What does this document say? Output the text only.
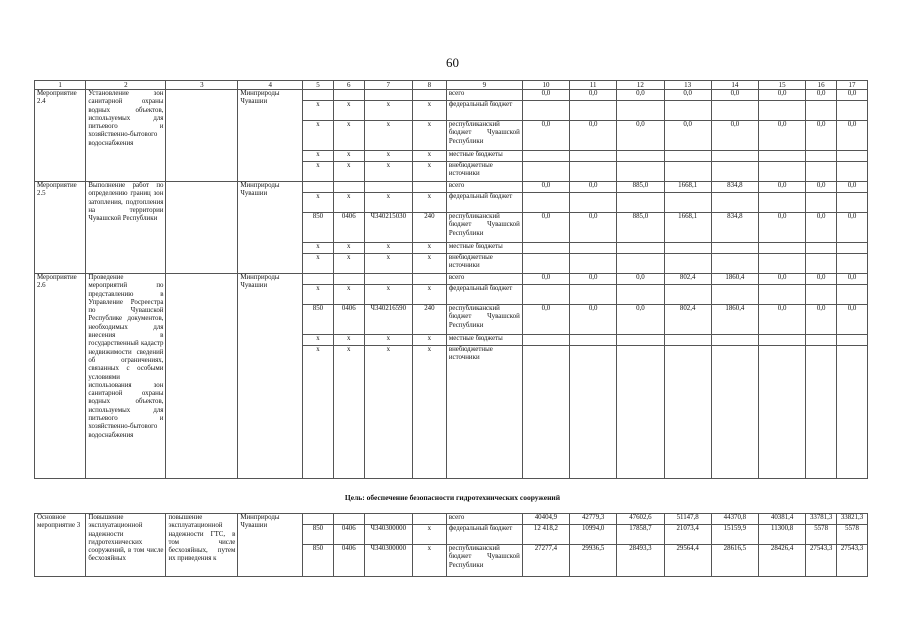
60
1	2	3	4	5	6	7	8	9	10	11	12	13	14	15	16	17
Мероприятие 2.4	Установление зон санитарной охраны водных объектов, используемых для питьевого и хозяйственно-бытового водоснабжения		Минприроды Чувашии					всего	0,0	0,0	0,0	0,0	0,0	0,0	0,0	0,0
				х	х	х	х	федеральный бюджет								
				х	х	х	х	республиканский бюджет Чувашской Республики	0,0	0,0	0,0	0,0	0,0	0,0	0,0	0,0
				х	х	х	х	местные бюджеты								
				х	х	х	х	внебюджетные источники								
Мероприятие 2.5	Выполнение работ по определению границ зон затопления, подтопления на территории Чувашской Республики		Минприроды Чувашии					всего	0,0	0,0	885,0	1668,1	834,8	0,0	0,0	0,0
				х	х	х	х	федеральный бюджет								
				850	0406	Ч340215030	240	республиканский бюджет Чувашской Республики	0,0	0,0	885,0	1668,1	834,8	0,0	0,0	0,0
				х	х	х	х	местные бюджеты								
				х	х	х	х	внебюджетные источники								
Мероприятие 2.6	Проведение мероприятий по представлению в Управление Росреестра по Чувашской Республике документов, необходимых для внесения в государственный кадастр недвижимости сведений об ограничениях, связанных с особыми условиями использования зон санитарной охраны водных объектов, используемых для питьевого и хозяйственно-бытового водоснабжения		Минприроды Чувашии					всего	0,0	0,0	0,0	802,4	1860,4	0,0	0,0	0,0
				х	х	х	х	федеральный бюджет								
				850	0406	Ч340216590	240	республиканский бюджет Чувашской Республики	0,0	0,0	0,0	802,4	1860,4	0,0	0,0	0,0
				х	х	х	х	местные бюджеты								
				х	х	х	х	внебюджетные источники								
Цель: обеспечение безопасности гидротехнических сооружений
Основное мероприятие 3	Повышение эксплуатационной надежности гидротехнических сооружений, в том числе бесхозяйных	повышение эксплуатационной надежности ГТС, в том числе бесхозяйных, путем их приведения к	Минприроды Чувашии					всего	40404,9	42779,3	47602,6	51147,8	44370,8	40381,4	33781,3	33821,3
				850	0406	Ч340300000	х	федеральный бюджет	12 418,2	10994,0	17858,7	21073,4	15159,9	11300,8	5578	5578
				850	0406	Ч340300000	х	республиканский бюджет Чувашской Республики	27277,4	29936,5	28493,3	29564,4	28616,5	28426,4	27543,3	27543,3
